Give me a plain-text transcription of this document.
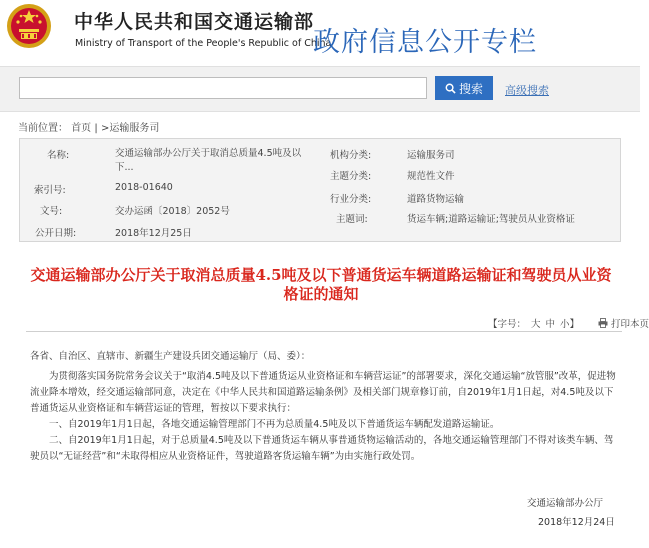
中华人民共和国交通运输部
Ministry of Transport of the People's Republic of China
政府信息公开专栏
搜索 高级搜索
当前位置： 首页 | >运输服务司
名称:	交通运输部办公厅关于取消总质量4.5吨及以下...
索引号:	2018-01640
文号:	交办运函〔2018〕2052号
公开日期:	2018年12月25日
机构分类:	运输服务司
主题分类:	规范性文件
行业分类:	道路货物运输
主题词:	货运车辆;道路运输证;驾驶员从业资格证
交通运输部办公厅关于取消总质量4.5吨及以下普通货运车辆道路运输证和驾驶员从业资格证的通知
【字号： 大 中 小】	打印本页

各省、自治区、直辖市、新疆生产建设兵团交通运输厅（局、委）：

为贯彻落实国务院常务会议关于“取消4.5吨及以下普通货运从业资格证和车辆营运证”的部署要求，深化交通运输“放管服”改革，促进物流业降本增效，经交通运输部同意，决定在《中华人民共和国道路运输条例》及相关部门规章修订前，自2019年1月1日起，对4.5吨及以下普通货运从业资格证和车辆营运证的管理，暂按以下要求执行：

一、自2019年1月1日起，各地交通运输管理部门不再为总质量4.5吨及以下普通货运车辆配发道路运输证。

二、自2019年1月1日起，对于总质量4.5吨及以下普通货运车辆从事普通货物运输活动的，各地交通运输管理部门不得对该类车辆、驾驶员以“无证经营”和“未取得相应从业资格证件，驾驶道路客货运输车辆”为由实施行政处罚。

交通运输部办公厅
2018年12月24日
